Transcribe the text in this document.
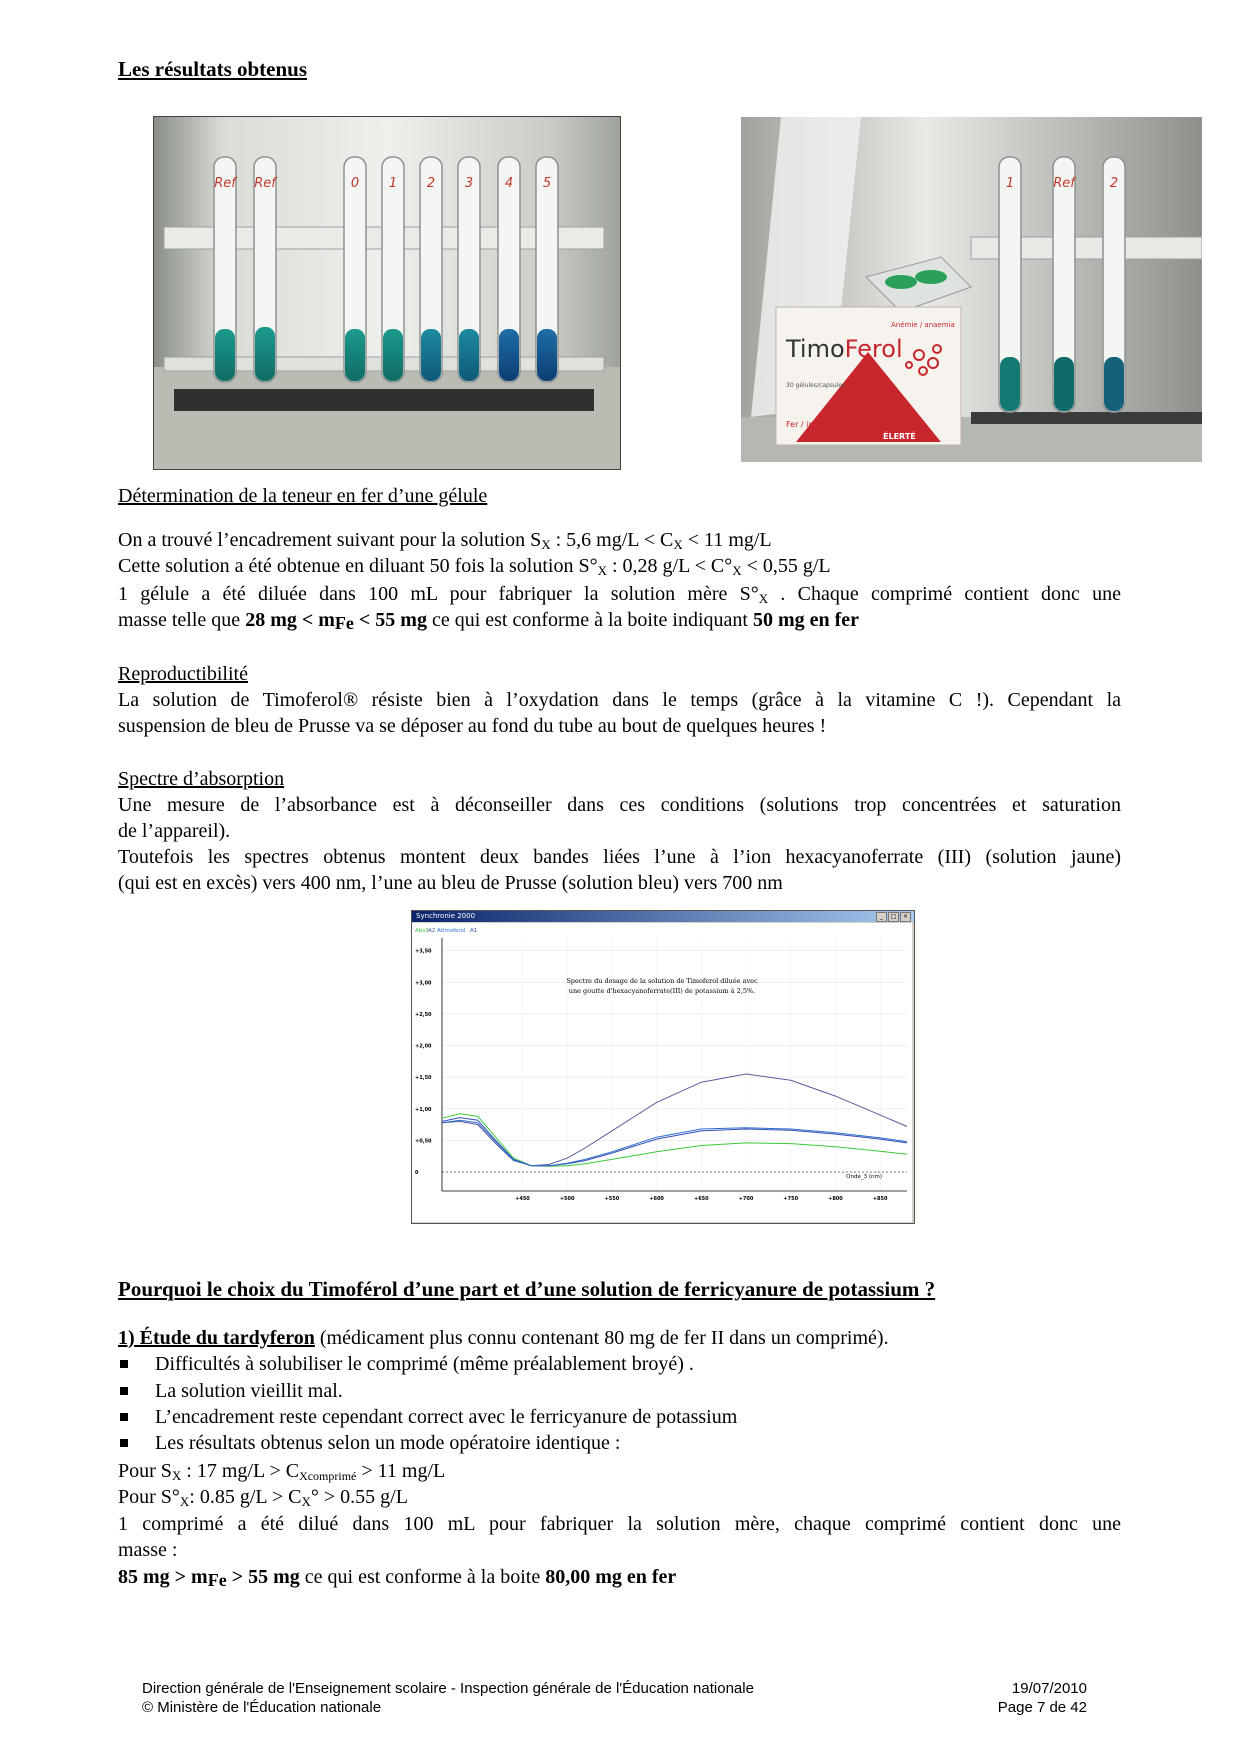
Les résultats obtenus
Ref Ref	0 1 2 3 4 5	1	Ref	2
TimoFerol
Anémie / anaemia
30 gélules/capsules
Fer / iron
ÉLERTÉ
Détermination de la teneur en fer d’une gélule
On a trouvé l’encadrement suivant pour la solution $S_X$ : 5,6 $mg/L < C_X < 11$ mg/L
Cette solution a été obtenue en diluant 50 fois la solution $S^\circ_X$ : 0,28 $g/L < C^\circ_X < 0,55$ g/L
1 gélule a été diluée dans 100 mL pour fabriquer la solution mère $S^\circ_X$ . Chaque comprimé contient donc une
masse telle que 28 mg < mFe < 55 mg ce qui est conforme à la boite indiquant 50 mg en fer
Reproductibilité
La solution de Timoferol® résiste bien à l’oxydation dans le temps (grâce à la vitamine C !). Cependant la
suspension de bleu de Prusse va se déposer au fond du tube au bout de quelques heures !
Spectre d’absorption
Une mesure de l’absorbance est à déconseiller dans ces conditions (solutions trop concentrées et saturation
de l’appareil).
Toutefois les spectres obtenus montent deux bandes liées l’une à l’ion hexacyanoferrate (III) (solution jaune)
(qui est en excès) vers 400 nm, l’une au bleu de Prusse (solution bleu) vers 700 nm
Synchronie 2000	_	□	×
Abs3 A2 Atimoferol A1
+3,50
+3,00
+2,50
+2,00
+1,50
+1,00
+0,50
0
+450	+500	+550	+600	+650	+700	+750	+800	+850
Spectre du dosage de la solution de Timoferol diluée avec
une goutte d'hexacyanoferrate(III) de potassium à 2,5%.
Onde_3 (nm)
Pourquoi le choix du Timoférol d’une part et d’une solution de ferricyanure de potassium ?
1) Étude du tardyferon (médicament plus connu contenant 80 mg de fer II dans un comprimé).
Difficultés à solubiliser le comprimé (même préalablement broyé) .
La solution vieillit mal.
L’encadrement reste cependant correct avec le ferricyanure de potassium
Les résultats obtenus selon un mode opératoire identique :
Pour $S_X$ : 17 $mg/L > C_{Xcomprimé} > 11$ mg/L
Pour $S^\circ_X$: 0.85 $g/L > C_X^\circ > 0.55$ g/L
1 comprimé a été dilué dans 100 mL pour fabriquer la solution mère, chaque comprimé contient donc une
masse :
85 mg > mFe > 55 mg ce qui est conforme à la boite 80,00 mg en fer
Direction générale de l'Enseignement scolaire - Inspection générale de l'Éducation nationale
© Ministère de l'Éducation nationale
19/07/2010
Page 7 de 42
